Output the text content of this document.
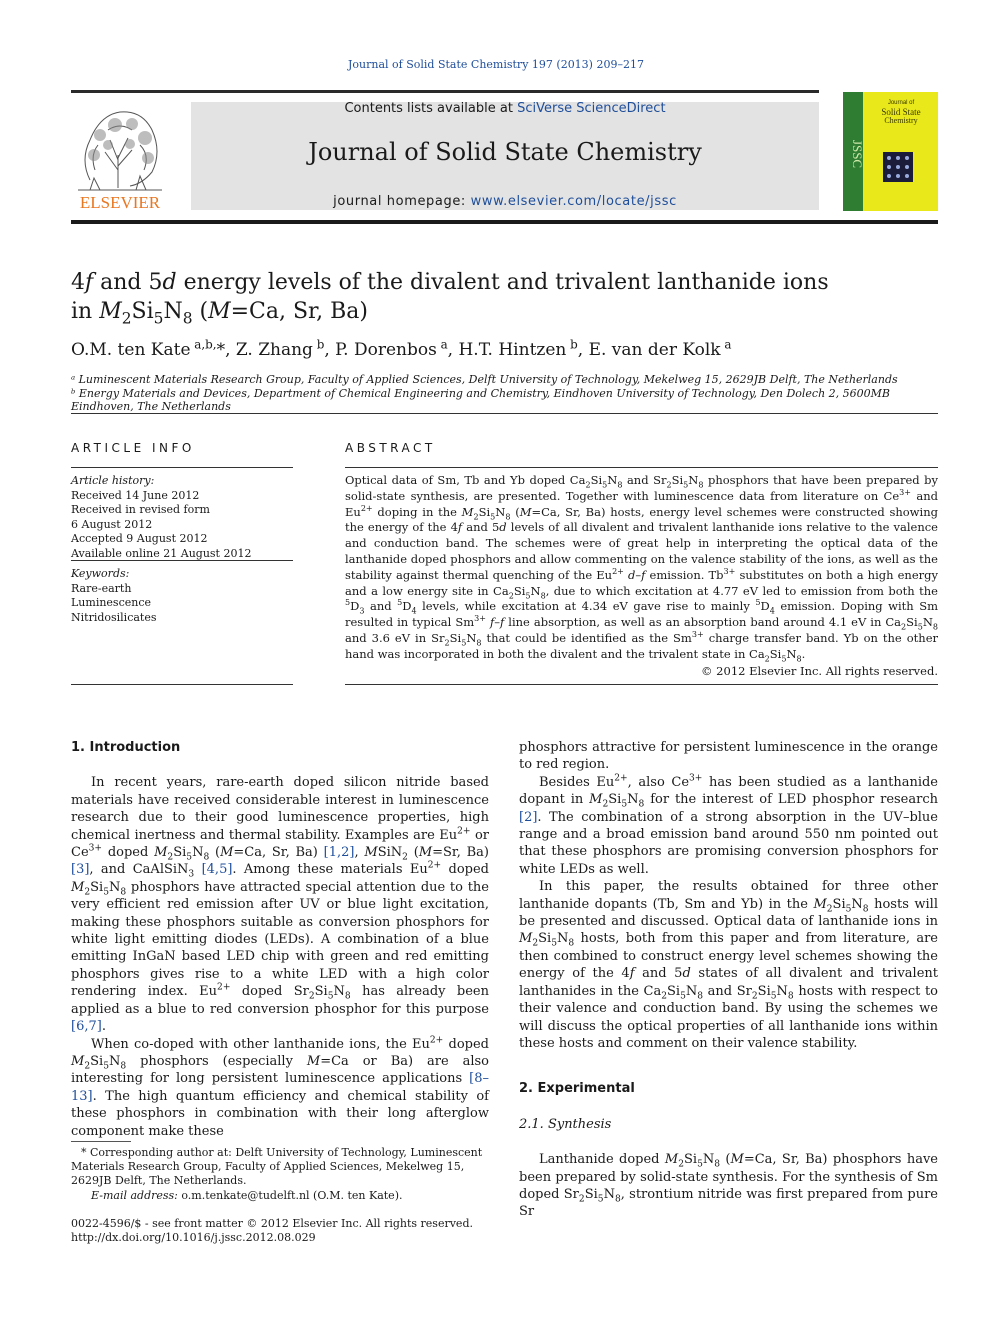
Journal of Solid State Chemistry 197 (2013) 209–217
ELSEVIER
Contents lists available at SciVerse ScienceDirect
Journal of Solid State Chemistry
journal homepage: www.elsevier.com/locate/jssc
JSSC
Journal of
Solid State
Chemistry
4f and 5d energy levels of the divalent and trivalent lanthanide ions
in $M_2Si_5N_8$ (M=Ca, Sr, Ba)
O.M. ten Kate $^{a,b,}$*, Z. Zhang $^b$, P. Dorenbos $^a$, H.T. Hintzen $^b$, E. van der Kolk $^a$
ᵃ Luminescent Materials Research Group, Faculty of Applied Sciences, Delft University of Technology, Mekelweg 15, 2629JB Delft, The Netherlands
ᵇ Energy Materials and Devices, Department of Chemical Engineering and Chemistry, Eindhoven University of Technology, Den Dolech 2, 5600MB Eindhoven, The Netherlands
ARTICLE INFO
Article history:
Received 14 June 2012
Received in revised form
6 August 2012
Accepted 9 August 2012
Available online 21 August 2012
Keywords:
Rare-earth
Luminescence
Nitridosilicates
ABSTRACT
Optical data of Sm, Tb and Yb doped $Ca_2Si_5N_8$ and $Sr_2Si_5N_8$ phosphors that have been prepared by solid-state synthesis, are presented. Together with luminescence data from literature on $Ce^{3+}$ and $Eu^{2+}$ doping in the $M_2Si_5N_8$ (M=Ca, Sr, Ba) hosts, energy level schemes were constructed showing the energy of the 4f and 5d levels of all divalent and trivalent lanthanide ions relative to the valence and conduction band. The schemes were of great help in interpreting the optical data of the lanthanide doped phosphors and allow commenting on the valence stability of the ions, as well as the stability against thermal quenching of the $Eu^{2+}$ d–f emission. $Tb^{3+}$ substitutes on both a high energy and a low energy site in $Ca_2Si_5N_8$, due to which excitation at 4.77 eV led to emission from both the $^5D_3$ and $^5D_4$ levels, while excitation at 4.34 eV gave rise to mainly $^5D_4$ emission. Doping with Sm resulted in typical $Sm^{3+}$ f–f line absorption, as well as an absorption band around 4.1 eV in $Ca_2Si_5N_8$ and 3.6 eV in $Sr_2Si_5N_8$ that could be identified as the $Sm^{3+}$ charge transfer band. Yb on the other hand was incorporated in both the divalent and the trivalent state in $Ca_2Si_5N_8$.
© 2012 Elsevier Inc. All rights reserved.
1. Introduction

In recent years, rare-earth doped silicon nitride based materials have received considerable interest in luminescence research due to their good luminescence properties, high chemical inertness and thermal stability. Examples are $Eu^{2+}$ or $Ce^{3+}$ doped $M_2Si_5N_8$ (M=Ca, Sr, Ba) [1,2], MSiN$_2$ (M=Sr, Ba) [3], and CaAlSiN$_3$ [4,5]. Among these materials $Eu^{2+}$ doped $M_2Si_5N_8$ phosphors have attracted special attention due to the very efficient red emission after UV or blue light excitation, making these phosphors suitable as conversion phosphors for white light emitting diodes (LEDs). A combination of a blue emitting InGaN based LED chip with green and red emitting phosphors gives rise to a white LED with a high color rendering index. $Eu^{2+}$ doped $Sr_2Si_5N_8$ has already been applied as a blue to red conversion phosphor for this purpose [6,7].

When co-doped with other lanthanide ions, the $Eu^{2+}$ doped $M_2Si_5N_8$ phosphors (especially M=Ca or Ba) are also interesting for long persistent luminescence applications [8–13]. The high quantum efficiency and chemical stability of these phosphors in combination with their long afterglow component make these

phosphors attractive for persistent luminescence in the orange to red region.

Besides $Eu^{2+}$, also $Ce^{3+}$ has been studied as a lanthanide dopant in $M_2Si_5N_8$ for the interest of LED phosphor research [2]. The combination of a strong absorption in the UV–blue range and a broad emission band around 550 nm pointed out that these phosphors are promising conversion phosphors for white LEDs as well.

In this paper, the results obtained for three other lanthanide dopants (Tb, Sm and Yb) in the $M_2Si_5N_8$ hosts will be presented and discussed. Optical data of lanthanide ions in $M_2Si_5N_8$ hosts, both from this paper and from literature, are then combined to construct energy level schemes showing the energy of the 4f and 5d states of all divalent and trivalent lanthanides in the $Ca_2Si_5N_8$ and $Sr_2Si_5N_8$ hosts with respect to their valence and conduction band. By using the schemes we will discuss the optical properties of all lanthanide ions within these hosts and comment on their valence stability.

2. Experimental
2.1. Synthesis

Lanthanide doped $M_2Si_5N_8$ (M=Ca, Sr, Ba) phosphors have been prepared by solid-state synthesis. For the synthesis of Sm doped $Sr_2Si_5N_8$, strontium nitride was first prepared from pure Sr

* Corresponding author at: Delft University of Technology, Luminescent Materials Research Group, Faculty of Applied Sciences, Mekelweg 15, 2629JB Delft, The Netherlands.
E-mail address: o.m.tenkate@tudelft.nl (O.M. ten Kate).
0022-4596/$ - see front matter © 2012 Elsevier Inc. All rights reserved.
http://dx.doi.org/10.1016/j.jssc.2012.08.029
